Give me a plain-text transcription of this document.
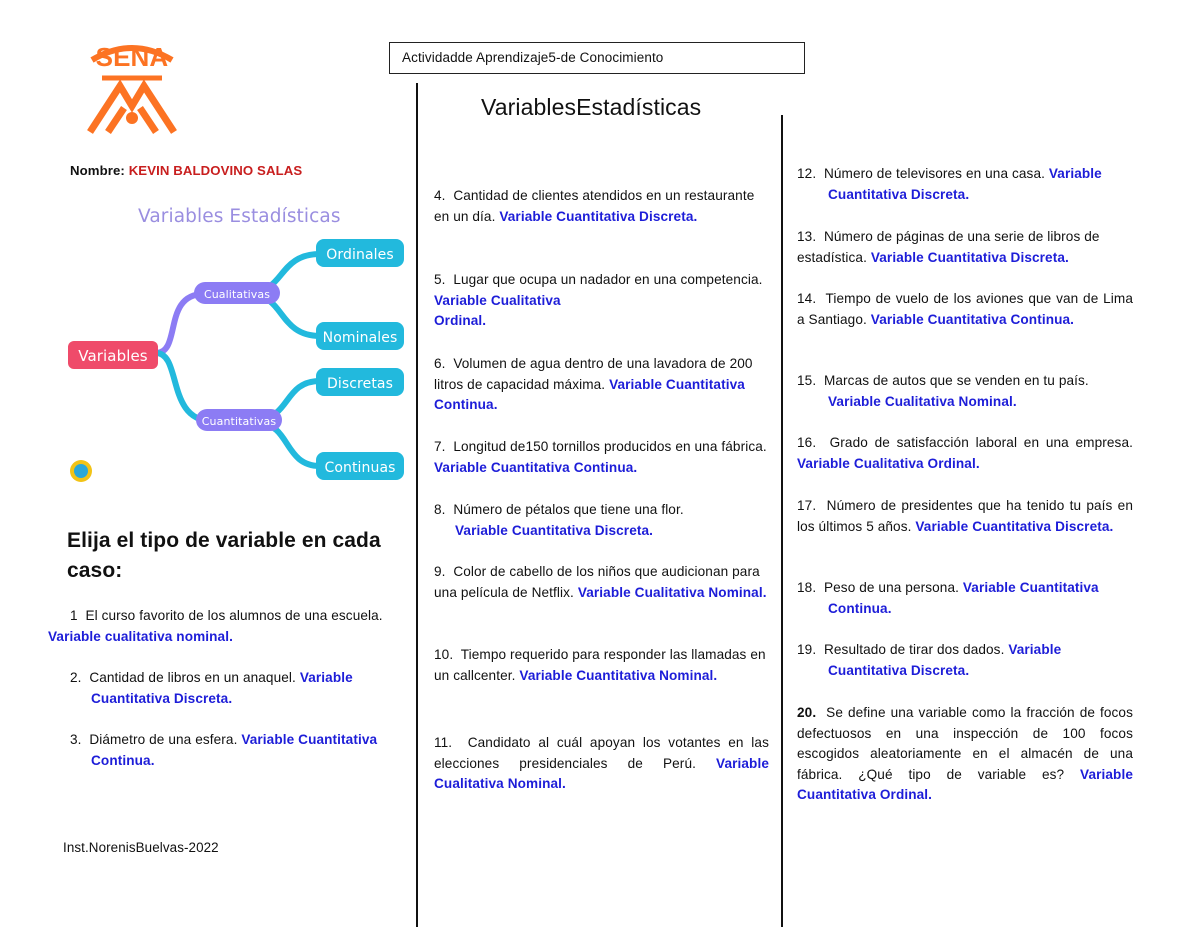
SENA	Actividadde Aprendizaje5-de Conocimiento
VariablesEstadísticas
Nombre: KEVIN BALDOVINO SALAS
Variables Estadísticas
Variables
Cualitativas
Cuantitativas
Ordinales
Nominales
Discretas
Continuas
Elija el tipo de variable en cada caso:
1 El curso favorito de los alumnos de una escuela. Variable cualitativa nominal.
2. Cantidad de libros en un anaquel. Variable
Cuantitativa Discreta.
3. Diámetro de una esfera. Variable Cuantitativa
Continua.
Inst.NorenisBuelvas-2022
4. Cantidad de clientes atendidos en un restaurante en un día. Variable Cuantitativa Discreta.
5. Lugar que ocupa un nadador en una competencia. Variable Cualitativa
Ordinal.
6. Volumen de agua dentro de una lavadora de 200 litros de capacidad máxima. Variable Cuantitativa Continua.
7. Longitud de150 tornillos producidos en una fábrica. Variable Cuantitativa Continua.
8. Número de pétalos que tiene una flor.
Variable Cuantitativa Discreta.
9. Color de cabello de los niños que audicionan para una película de Netflix. Variable Cualitativa Nominal.
10. Tiempo requerido para responder las llamadas en un callcenter. Variable Cuantitativa Nominal.
11. Candidato al cuál apoyan los votantes en las elecciones presidenciales de Perú. Variable Cualitativa Nominal.
12. Número de televisores en una casa. Variable
Cuantitativa Discreta.
13. Número de páginas de una serie de libros de estadística. Variable Cuantitativa Discreta.
14. Tiempo de vuelo de los aviones que van de Lima a Santiago. Variable Cuantitativa Continua.
15. Marcas de autos que se venden en tu país.
Variable Cualitativa Nominal.
16. Grado de satisfacción laboral en una empresa. Variable Cualitativa Ordinal.
17. Número de presidentes que ha tenido tu país en los últimos 5 años. Variable Cuantitativa Discreta.
18. Peso de una persona. Variable Cuantitativa
Continua.
19. Resultado de tirar dos dados. Variable
Cuantitativa Discreta.
20. Se define una variable como la fracción de focos defectuosos en una inspección de 100 focos escogidos aleatoriamente en el almacén de una fábrica. ¿Qué tipo de variable es? Variable Cuantitativa Ordinal.
